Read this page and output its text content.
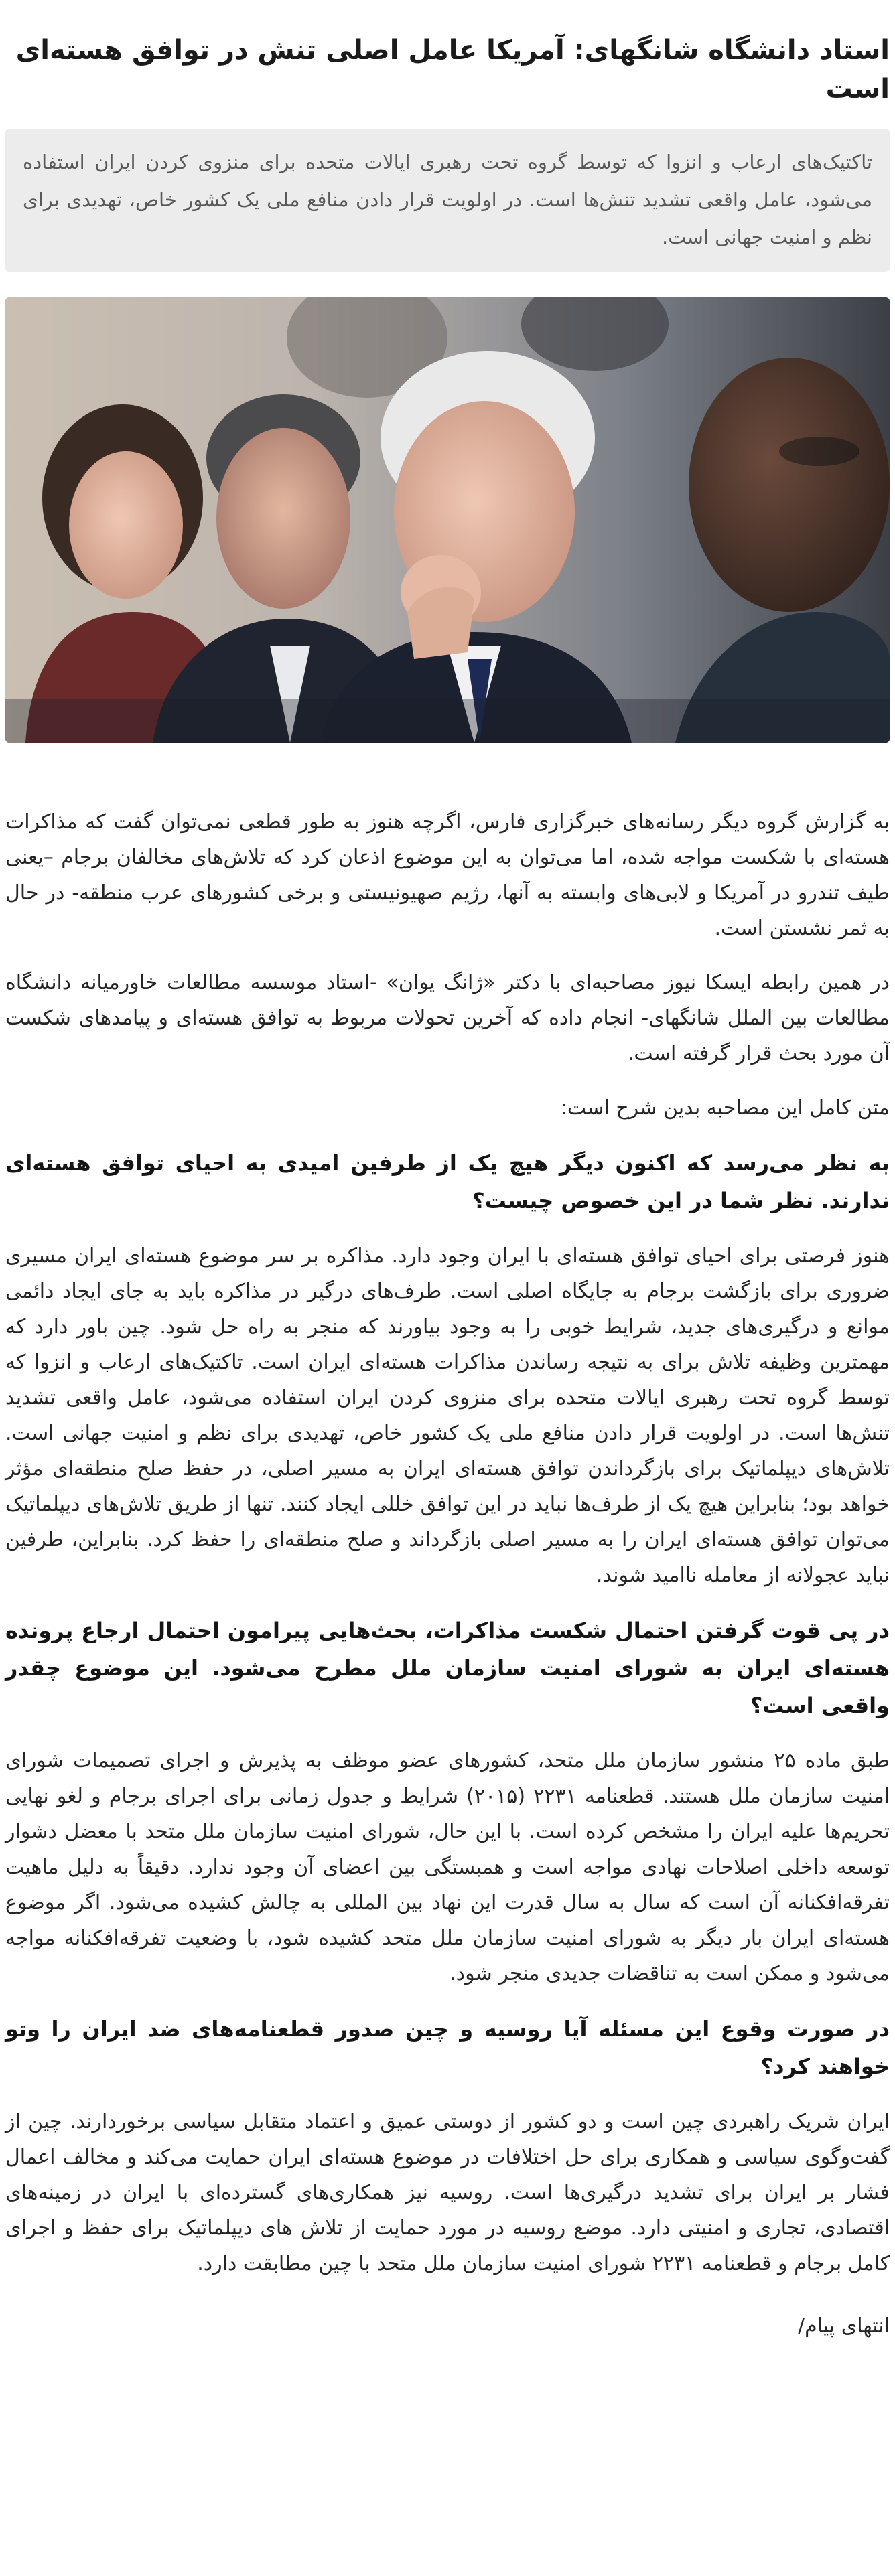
استاد دانشگاه شانگهای: آمریکا عامل اصلی تنش در توافق هسته‌ای است
تاکتیک‌های ارعاب و انزوا که توسط گروه تحت رهبری ایالات متحده برای منزوی کردن ایران استفاده می‌شود، عامل واقعی تشدید تنش‌ها است. در اولویت قرار دادن منافع ملی یک کشور خاص، تهدیدی برای نظم و امنیت جهانی است.

به گزارش گروه دیگر رسانه‌های خبرگزاری فارس، اگرچه هنوز به طور قطعی نمی‌توان گفت که مذاکرات هسته‌ای با شکست مواجه شده، اما می‌توان به این موضوع اذعان کرد که تلاش‌های مخالفان برجام –یعنی طیف تندرو در آمریکا و لابی‌های وابسته به آنها، رژیم صهیونیستی و برخی کشورهای عرب منطقه- در حال به ثمر نشستن است.

در همین رابطه ایسکا نیوز مصاحبه‌ای با دکتر «ژانگ یوان» -استاد موسسه مطالعات خاورمیانه دانشگاه مطالعات بین الملل شانگهای- انجام داده که آخرین تحولات مربوط به توافق هسته‌ای و پیامدهای شکست آن مورد بحث قرار گرفته است.

متن کامل این مصاحبه بدین شرح است:

به نظر می‌رسد که اکنون دیگر هیچ یک از طرفین امیدی به احیای توافق هسته‌ای ندارند. نظر شما در این خصوص چیست؟

هنوز فرصتی برای احیای توافق هسته‌ای با ایران وجود دارد. مذاکره بر سر موضوع هسته‌ای ایران مسیری ضروری برای بازگشت برجام به جایگاه اصلی است. طرف‌های درگیر در مذاکره باید به جای ایجاد دائمی موانع و درگیری‌های جدید، شرایط خوبی را به وجود بیاورند که منجر به راه حل شود. چین باور دارد که مهمترین وظیفه تلاش برای به نتیجه رساندن مذاکرات هسته‌ای ایران است. تاکتیک‌های ارعاب و انزوا که توسط گروه تحت رهبری ایالات متحده برای منزوی کردن ایران استفاده می‌شود، عامل واقعی تشدید تنش‌ها است. در اولویت قرار دادن منافع ملی یک کشور خاص، تهدیدی برای نظم و امنیت جهانی است. تلاش‌های دیپلماتیک برای بازگرداندن توافق هسته‌ای ایران به مسیر اصلی، در حفظ صلح منطقه‌ای مؤثر خواهد بود؛ بنابراین هیچ یک از طرف‌ها نباید در این توافق خللی ایجاد کنند. تنها از طریق تلاش‌های دیپلماتیک می‌توان توافق هسته‌ای ایران را به مسیر اصلی بازگرداند و صلح منطقه‌ای را حفظ کرد. بنابراین، طرفین نباید عجولانه از معامله ناامید شوند.

در پی قوت گرفتن احتمال شکست مذاکرات، بحث‌هایی پیرامون احتمال ارجاع پرونده هسته‌ای ایران به شورای امنیت سازمان ملل مطرح می‌شود. این موضوع چقدر واقعی است؟

طبق ماده ۲۵ منشور سازمان ملل متحد، کشورهای عضو موظف به پذیرش و اجرای تصمیمات شورای امنیت سازمان ملل هستند. قطعنامه ۲۲۳۱ (۲۰۱۵) شرایط و جدول زمانی برای اجرای برجام و لغو نهایی تحریم‌ها علیه ایران را مشخص کرده است. با این حال، شورای امنیت سازمان ملل متحد با معضل دشوار توسعه داخلی اصلاحات نهادی مواجه است و همبستگی بین اعضای آن وجود ندارد. دقیقاً به دلیل ماهیت تفرقه‌افکنانه آن است که سال به سال قدرت این نهاد بین المللی به چالش کشیده می‌شود. اگر موضوع هسته‌ای ایران بار دیگر به شورای امنیت سازمان ملل متحد کشیده شود، با وضعیت تفرقه‌افکنانه مواجه می‌شود و ممکن است به تناقضات جدیدی منجر شود.

در صورت وقوع این مسئله آیا روسیه و چین صدور قطعنامه‌های ضد ایران را وتو خواهند کرد؟

ایران شریک راهبردی چین است و دو کشور از دوستی عمیق و اعتماد متقابل سیاسی برخوردارند. چین از گفت‌وگوی سیاسی و همکاری برای حل اختلافات در موضوع هسته‌ای ایران حمایت می‌کند و مخالف اعمال فشار بر ایران برای تشدید درگیری‌ها است. روسیه نیز همکاری‌های گسترده‌ای با ایران در زمینه‌های اقتصادی، تجاری و امنیتی دارد. موضع روسیه در مورد حمایت از تلاش های دیپلماتیک برای حفظ و اجرای کامل برجام و قطعنامه ۲۲۳۱ شورای امنیت سازمان ملل متحد با چین مطابقت دارد.

انتهای پیام/
